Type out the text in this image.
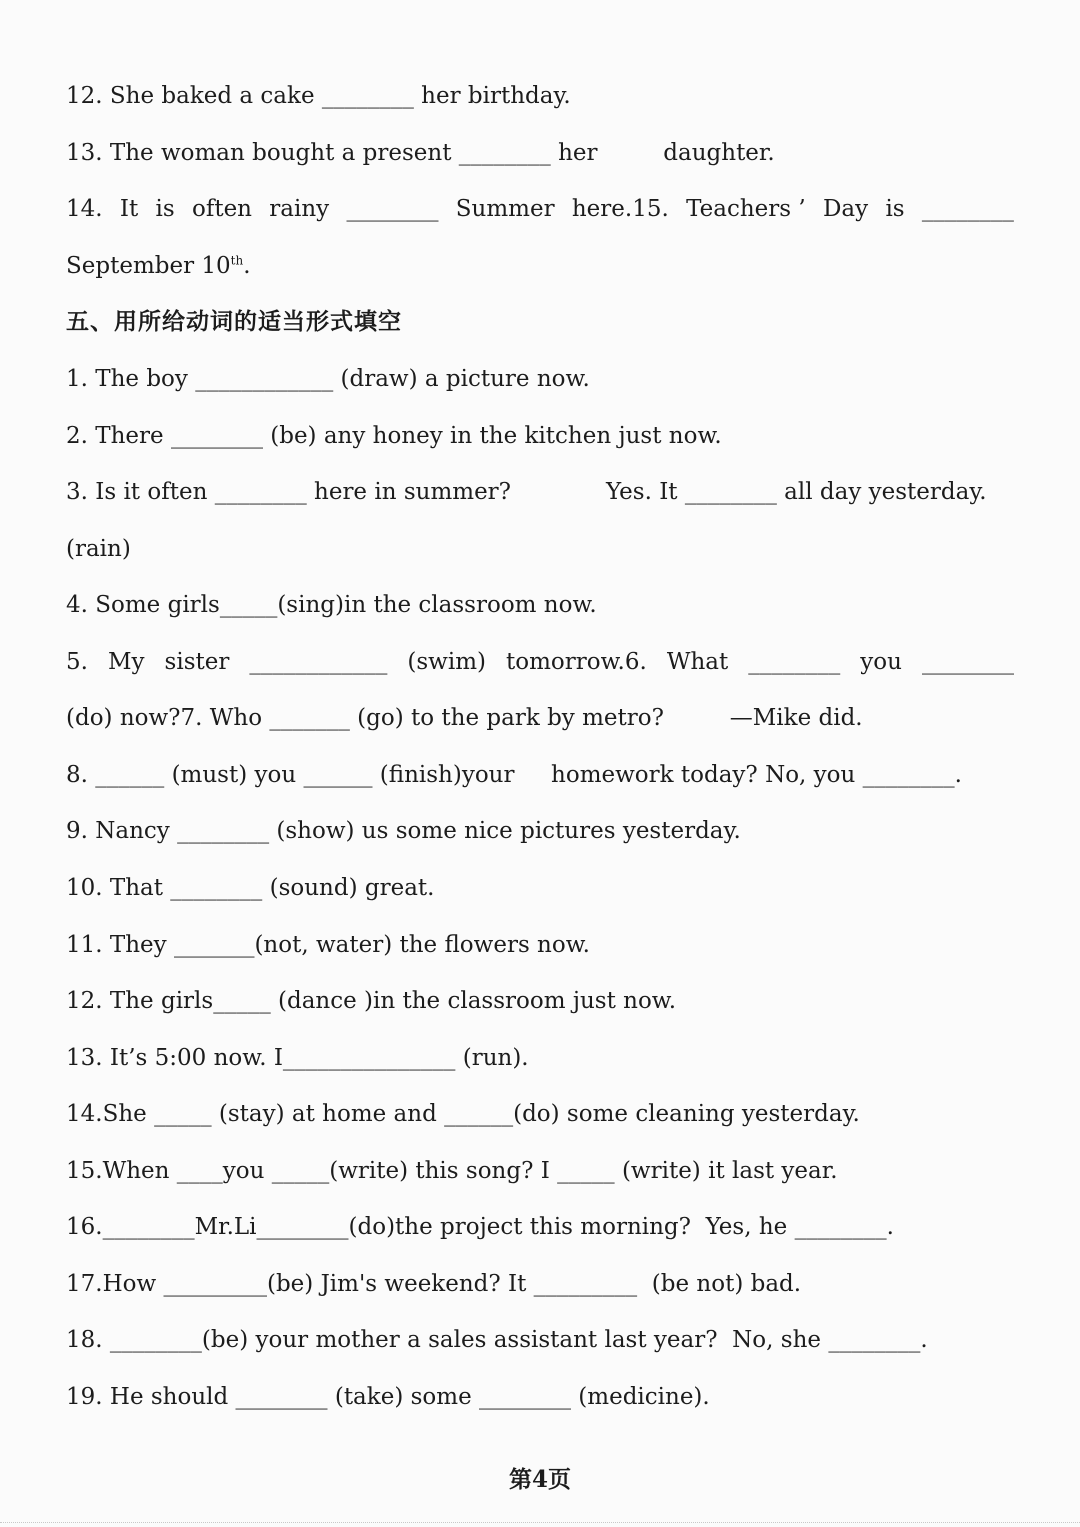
12. She baked a cake ________ her birthday.
13. The woman bought a present ________ her         daughter.
14. It is often rainy ________ Summer here.15. Teachers ’ Day is ________
September 10th.
五、用所给动词的适当形式填空
1. The boy ____________ (draw) a picture now.
2. There ________ (be) any honey in the kitchen just now.
3. Is it often ________ here in summer?	Yes. It ________ all day yesterday.
(rain)
4. Some girls_____(sing)in the classroom now.
5. My sister ____________ (swim) tomorrow.6. What ________ you ________
(do) now?7. Who _______ (go) to the park by metro?         —Mike did.
8. ______ (must) you ______ (finish)your     homework today? No, you ________.
9. Nancy ________ (show) us some nice pictures yesterday.
10. That ________ (sound) great.
11. They _______(not, water) the flowers now.
12. The girls_____ (dance )in the classroom just now.
13. It’s 5:00 now. I_______________ (run).
14.She _____ (stay) at home and ______(do) some cleaning yesterday.
15.When ____you _____(write) this song? I _____ (write) it last year.
16.________Mr.Li________(do)the project this morning?  Yes, he ________.
17.How _________(be) Jim's weekend? It _________  (be not) bad.
18. ________(be) your mother a sales assistant last year?  No, she ________.
19. He should ________ (take) some ________ (medicine).
第4页
